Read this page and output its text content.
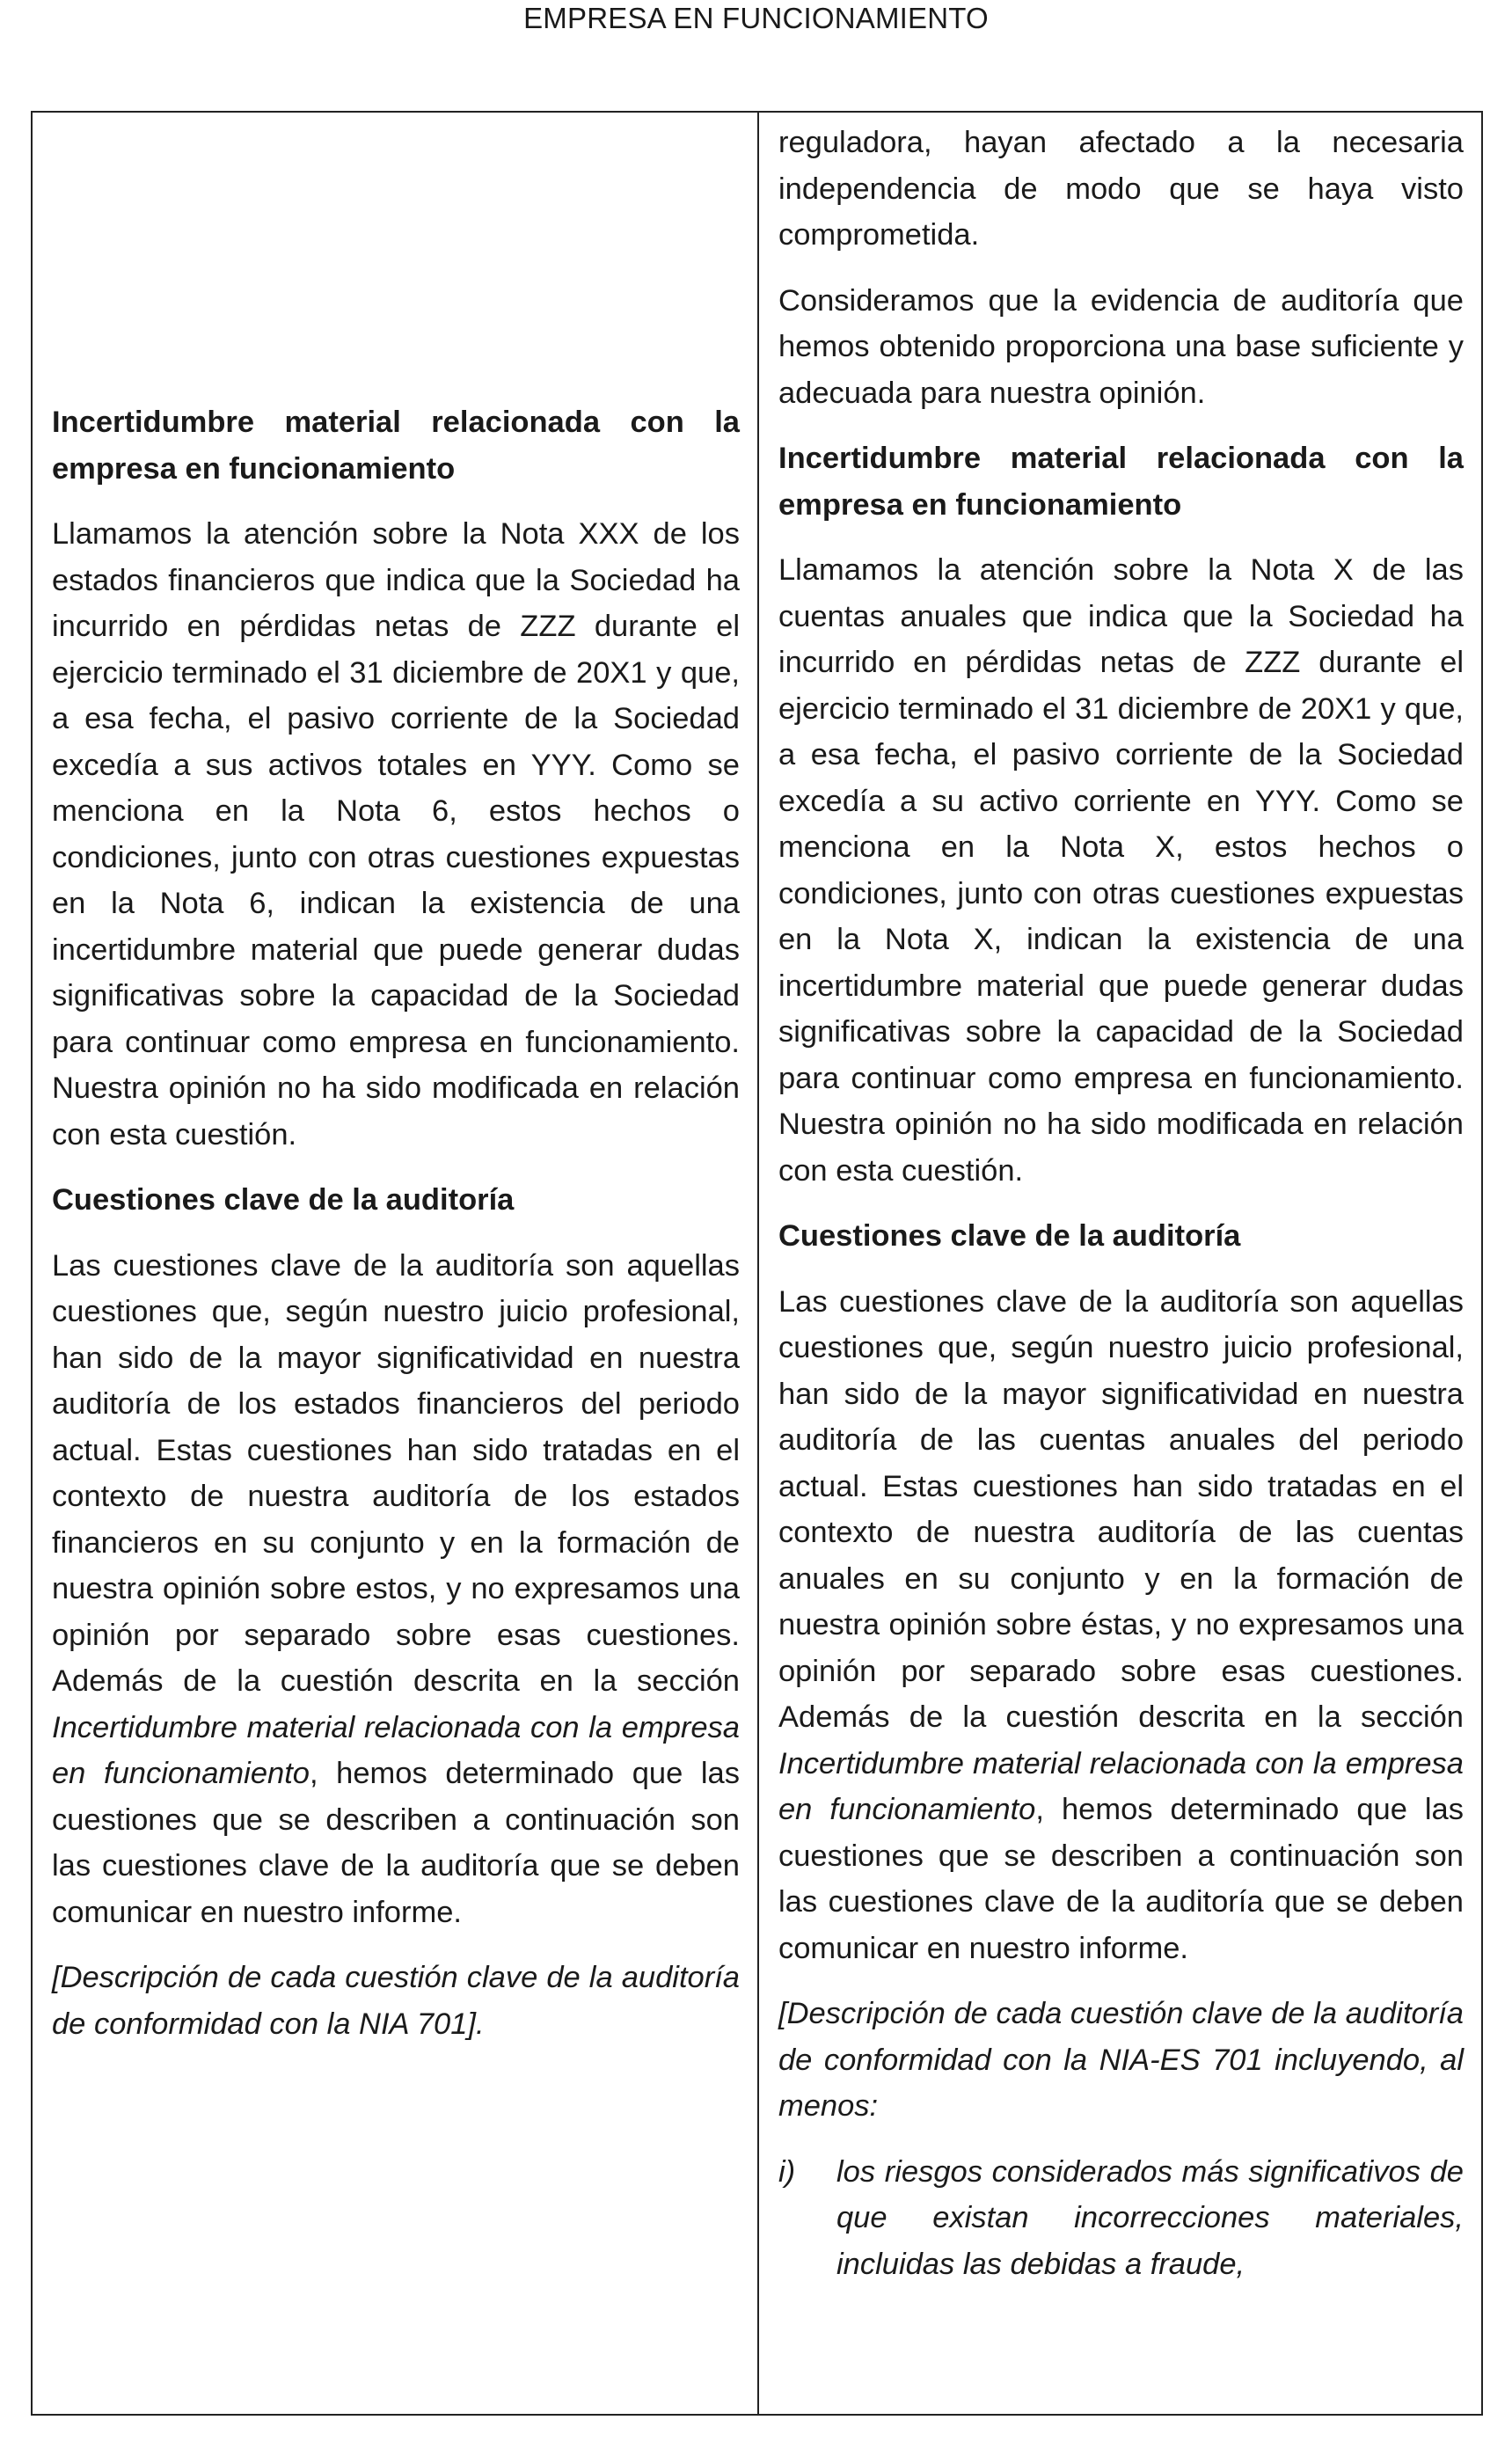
EMPRESA EN FUNCIONAMIENTO

Incertidumbre material relacionada con la empresa en funcionamiento

Llamamos la atención sobre la Nota XXX de los estados financieros que indica que la Sociedad ha incurrido en pérdidas netas de ZZZ durante el ejercicio terminado el 31 diciembre de 20X1 y que, a esa fecha, el pasivo corriente de la Sociedad excedía a sus activos totales en YYY. Como se menciona en la Nota 6, estos hechos o condiciones, junto con otras cuestiones expuestas en la Nota 6, indican la existencia de una incertidumbre material que puede generar dudas significativas sobre la capacidad de la Sociedad para continuar como empresa en funcionamiento. Nuestra opinión no ha sido modificada en relación con esta cuestión.

Cuestiones clave de la auditoría

Las cuestiones clave de la auditoría son aquellas cuestiones que, según nuestro juicio profesional, han sido de la mayor significatividad en nuestra auditoría de los estados financieros del periodo actual. Estas cuestiones han sido tratadas en el contexto de nuestra auditoría de los estados financieros en su conjunto y en la formación de nuestra opinión sobre estos, y no expresamos una opinión por separado sobre esas cuestiones. Además de la cuestión descrita en la sección Incertidumbre material relacionada con la empresa en funcionamiento, hemos determinado que las cuestiones que se describen a continuación son las cuestiones clave de la auditoría que se deben comunicar en nuestro informe.

[Descripción de cada cuestión clave de la auditoría de conformidad con la NIA 701].

reguladora, hayan afectado a la necesaria independencia de modo que se haya visto comprometida.

Consideramos que la evidencia de auditoría que hemos obtenido proporciona una base suficiente y adecuada para nuestra opinión.

Incertidumbre material relacionada con la empresa en funcionamiento

Llamamos la atención sobre la Nota X de las cuentas anuales que indica que la Sociedad ha incurrido en pérdidas netas de ZZZ durante el ejercicio terminado el 31 diciembre de 20X1 y que, a esa fecha, el pasivo corriente de la Sociedad excedía a su activo corriente en YYY. Como se menciona en la Nota X, estos hechos o condiciones, junto con otras cuestiones expuestas en la Nota X, indican la existencia de una incertidumbre material que puede generar dudas significativas sobre la capacidad de la Sociedad para continuar como empresa en funcionamiento. Nuestra opinión no ha sido modificada en relación con esta cuestión.

Cuestiones clave de la auditoría

Las cuestiones clave de la auditoría son aquellas cuestiones que, según nuestro juicio profesional, han sido de la mayor significatividad en nuestra auditoría de las cuentas anuales del periodo actual. Estas cuestiones han sido tratadas en el contexto de nuestra auditoría de las cuentas anuales en su conjunto y en la formación de nuestra opinión sobre éstas, y no expresamos una opinión por separado sobre esas cuestiones. Además de la cuestión descrita en la sección Incertidumbre material relacionada con la empresa en funcionamiento, hemos determinado que las cuestiones que se describen a continuación son las cuestiones clave de la auditoría que se deben comunicar en nuestro informe.

[Descripción de cada cuestión clave de la auditoría de conformidad con la NIA-ES 701 incluyendo, al menos:

i)	los riesgos considerados más significativos de que existan incorrecciones materiales, incluidas las debidas a fraude,
